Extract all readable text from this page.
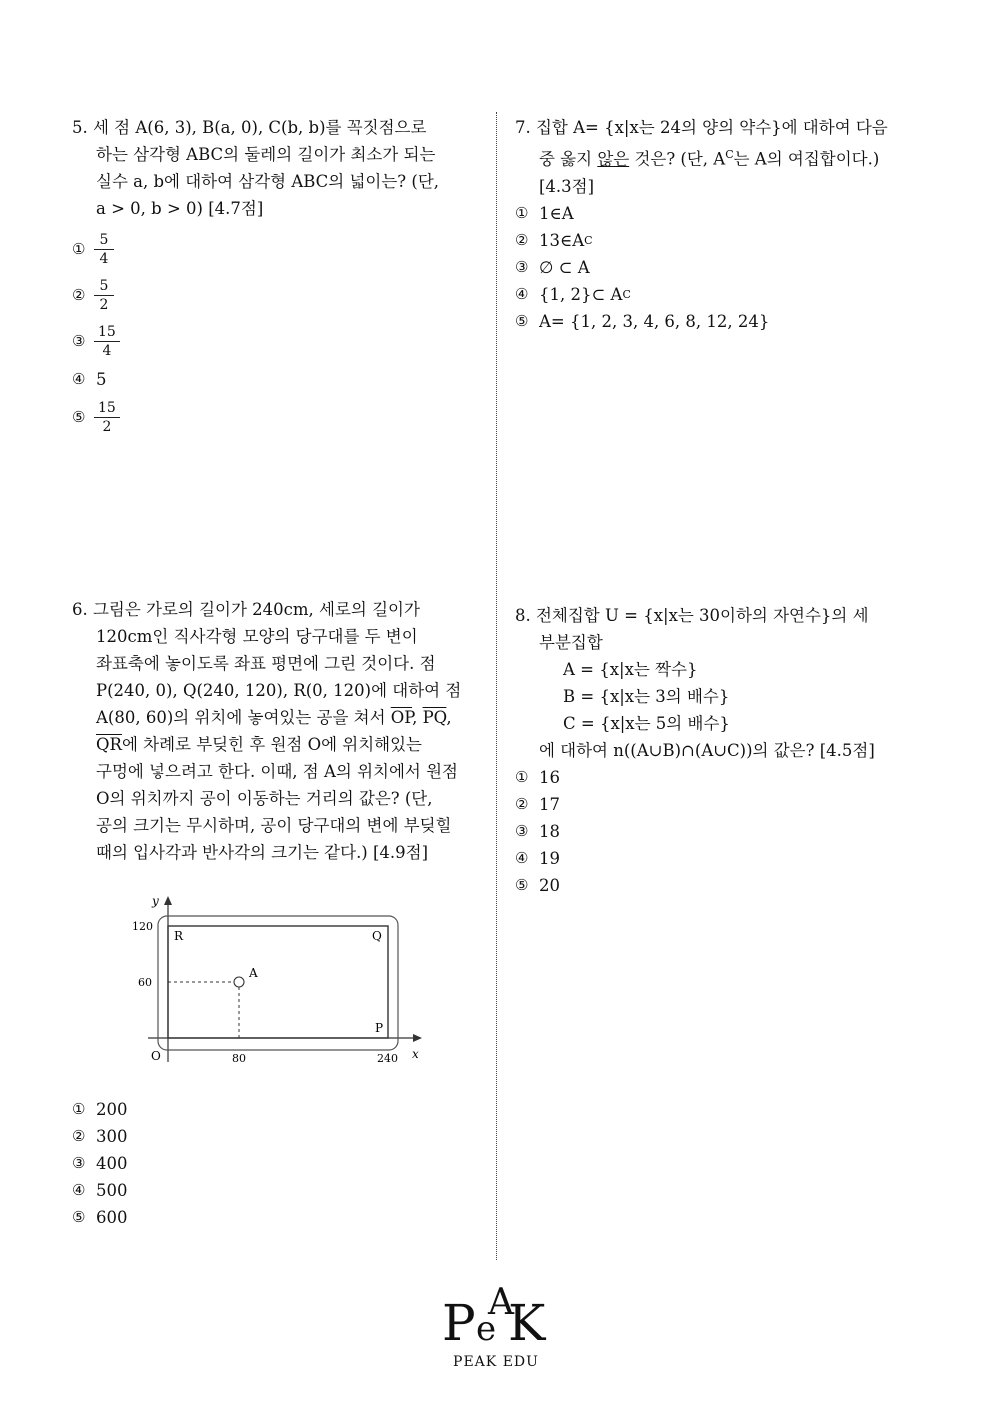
5. 세 점 A(6, 3), B(a, 0), C(b, b)를 꼭짓점으로
하는 삼각형 ABC의 둘레의 길이가 최소가 되는
실수 a, b에 대하여 삼각형 ABC의 넓이는? (단,
a > 0, b > 0) [4.7점]
① $\frac{5}{4}$
② $\frac{5}{2}$
③ $\frac{15}{4}$
④ 5
⑤ $\frac{15}{2}$
6. 그림은 가로의 길이가 240cm, 세로의 길이가
120cm인 직사각형 모양의 당구대를 두 변이
좌표축에 놓이도록 좌표 평면에 그린 것이다. 점
P(240, 0), Q(240, 120), R(0, 120)에 대하여 점
A(80, 60)의 위치에 놓여있는 공을 쳐서 $\overline{OP}$, $\overline{PQ}$,
$\overline{QR}$에 차례로 부딪힌 후 원점 O에 위치해있는
구멍에 넣으려고 한다. 이때, 점 A의 위치에서 원점
O의 위치까지 공이 이동하는 거리의 값은? (단,
공의 크기는 무시하며, 공이 당구대의 변에 부딪힐
때의 입사각과 반사각의 크기는 같다.) [4.9점]
y
x
O
R	Q
P
A
120
60
80	240
① 200
② 300
③ 400
④ 500
⑤ 600
7. 집합 A= {x|x는 24의 양의 약수}에 대하여 다음
중 옳지 않은 것은? (단, $A^C$는 A의 여집합이다.)
[4.3점]
① 1∈A
② 13∈A C
③ ∅ ⊂ A
④ {1, 2}⊂ A C
⑤ A= {1, 2, 3, 4, 6, 8, 12, 24}
8. 전체집합 U = {x|x는 30이하의 자연수}의 세
부분집합
A = {x|x는 짝수}
B = {x|x는 3의 배수}
C = {x|x는 5의 배수}
에 대하여 n((A∪B)∩(A∪C))의 값은? [4.5점]
① 16
② 17
③ 18
④ 19
⑤ 20
P e
A
K
PEAK EDU
